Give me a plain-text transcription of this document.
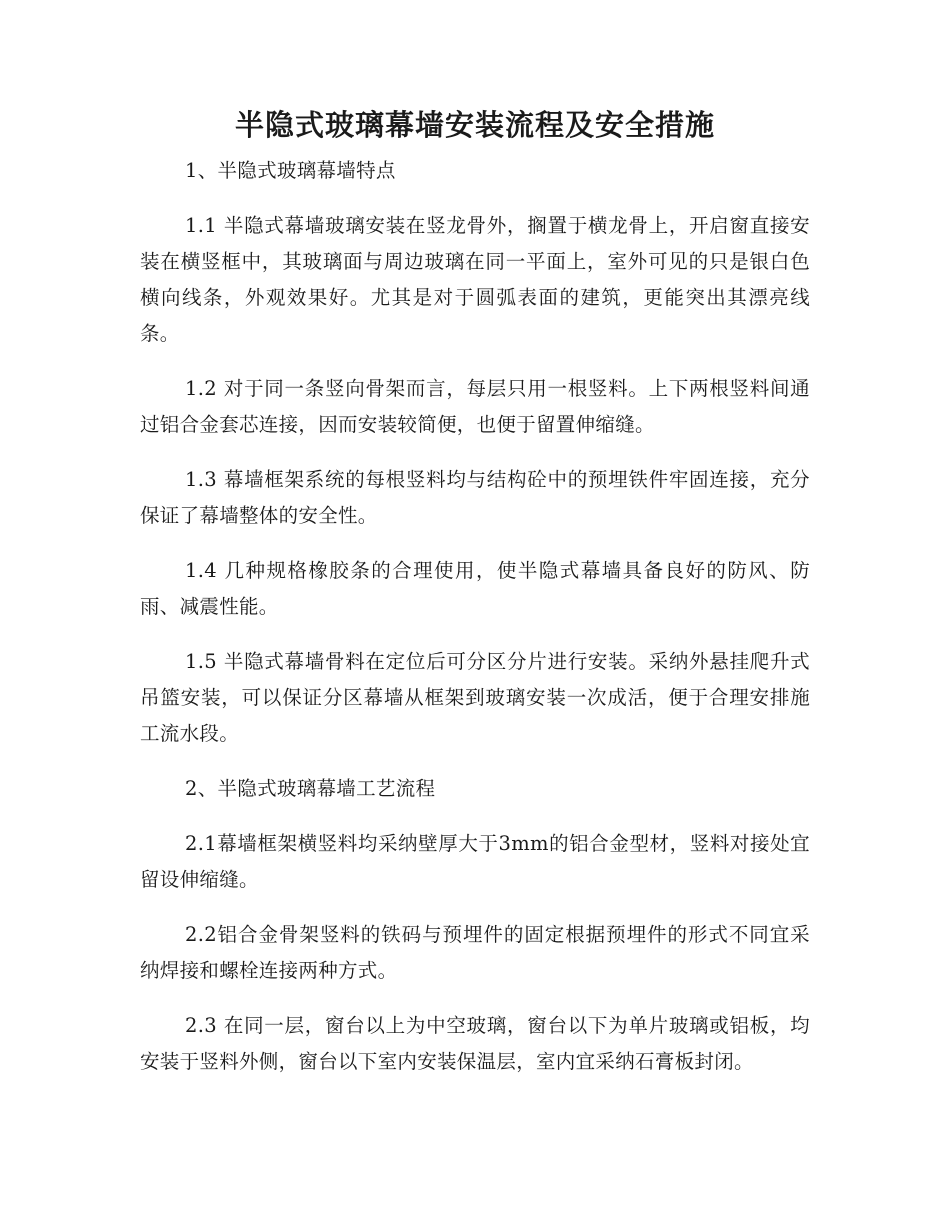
半隐式玻璃幕墙安装流程及安全措施

1、半隐式玻璃幕墙特点

1.1 半隐式幕墙玻璃安装在竖龙骨外，搁置于横龙骨上，开启窗直接安装在横竖框中，其玻璃面与周边玻璃在同一平面上，室外可见的只是银白色横向线条，外观效果好。尤其是对于圆弧表面的建筑，更能突出其漂亮线条。

1.2 对于同一条竖向骨架而言，每层只用一根竖料。上下两根竖料间通过铝合金套芯连接，因而安装较简便，也便于留置伸缩缝。

1.3 幕墙框架系统的每根竖料均与结构砼中的预埋铁件牢固连接，充分保证了幕墙整体的安全性。

1.4 几种规格橡胶条的合理使用，使半隐式幕墙具备良好的防风、防雨、减震性能。

1.5 半隐式幕墙骨料在定位后可分区分片进行安装。采纳外悬挂爬升式吊篮安装，可以保证分区幕墙从框架到玻璃安装一次成活，便于合理安排施工流水段。

2、半隐式玻璃幕墙工艺流程

2.1幕墙框架横竖料均采纳壁厚大于3mm的铝合金型材，竖料对接处宜留设伸缩缝。

2.2铝合金骨架竖料的铁码与预埋件的固定根据预埋件的形式不同宜采纳焊接和螺栓连接两种方式。

2.3 在同一层，窗台以上为中空玻璃，窗台以下为单片玻璃或铝板，均安装于竖料外侧，窗台以下室内安装保温层，室内宜采纳石膏板封闭。
